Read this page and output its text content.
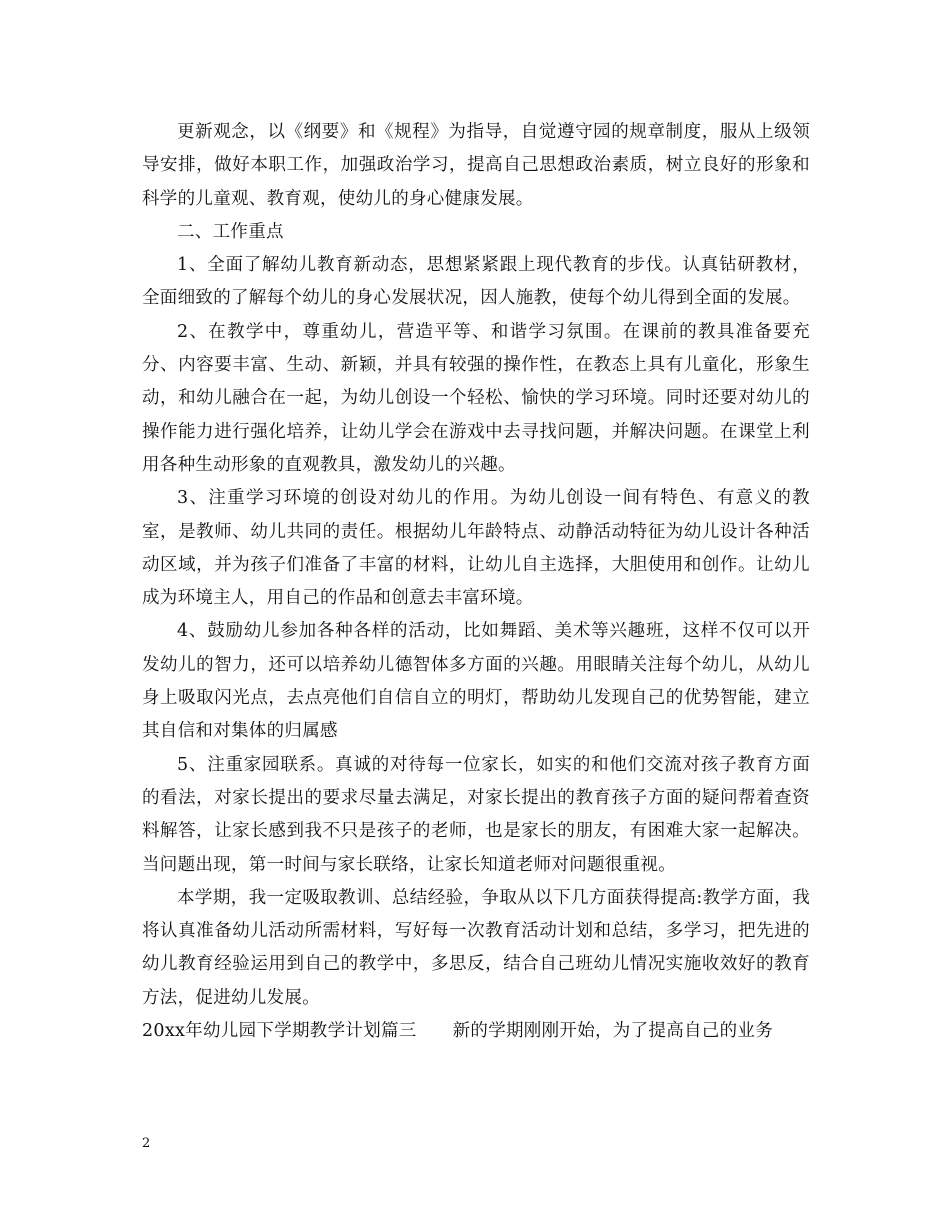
更新观念，以《纲要》和《规程》为指导，自觉遵守园的规章制度，服从上级领导安排，做好本职工作，加强政治学习，提高自己思想政治素质，树立良好的形象和科学的儿童观、教育观，使幼儿的身心健康发展。

二、工作重点

1、全面了解幼儿教育新动态，思想紧紧跟上现代教育的步伐。认真钻研教材，全面细致的了解每个幼儿的身心发展状况，因人施教，使每个幼儿得到全面的发展。

2、在教学中，尊重幼儿，营造平等、和谐学习氛围。在课前的教具准备要充分、内容要丰富、生动、新颖，并具有较强的操作性，在教态上具有儿童化，形象生动，和幼儿融合在一起，为幼儿创设一个轻松、愉快的学习环境。同时还要对幼儿的操作能力进行强化培养，让幼儿学会在游戏中去寻找问题，并解决问题。在课堂上利用各种生动形象的直观教具，激发幼儿的兴趣。

3、注重学习环境的创设对幼儿的作用。为幼儿创设一间有特色、有意义的教室，是教师、幼儿共同的责任。根据幼儿年龄特点、动静活动特征为幼儿设计各种活动区域，并为孩子们准备了丰富的材料，让幼儿自主选择，大胆使用和创作。让幼儿成为环境主人，用自己的作品和创意去丰富环境。

4、鼓励幼儿参加各种各样的活动，比如舞蹈、美术等兴趣班，这样不仅可以开发幼儿的智力，还可以培养幼儿德智体多方面的兴趣。用眼睛关注每个幼儿，从幼儿身上吸取闪光点，去点亮他们自信自立的明灯，帮助幼儿发现自己的优势智能，建立其自信和对集体的归属感

5、注重家园联系。真诚的对待每一位家长，如实的和他们交流对孩子教育方面的看法，对家长提出的要求尽量去满足，对家长提出的教育孩子方面的疑问帮着查资料解答，让家长感到我不只是孩子的老师，也是家长的朋友，有困难大家一起解决。当问题出现，第一时间与家长联络，让家长知道老师对问题很重视。

本学期，我一定吸取教训、总结经验，争取从以下几方面获得提高:教学方面，我将认真准备幼儿活动所需材料，写好每一次教育活动计划和总结，多学习，把先进的幼儿教育经验运用到自己的教学中，多思反，结合自己班幼儿情况实施收效好的教育方法，促进幼儿发展。

20xx年幼儿园下学期教学计划篇三 新的学期刚刚开始，为了提高自己的业务

2
